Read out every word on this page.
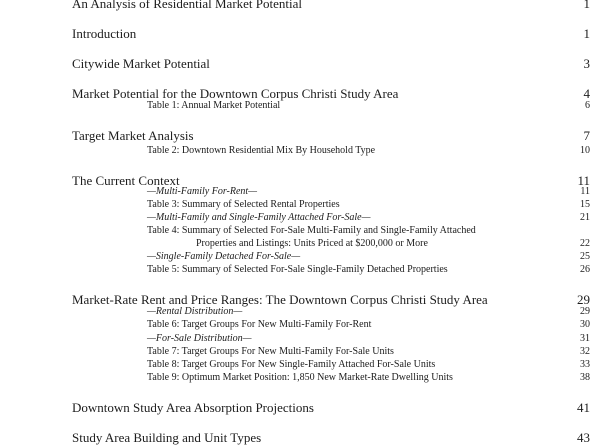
An Analysis of Residential Market Potential	1
Introduction	1
Citywide Market Potential	3
Market Potential for the Downtown Corpus Christi Study Area	4
Table 1: Annual Market Potential	6
Target Market Analysis	7
Table 2: Downtown Residential Mix By Household Type	10
The Current Context	11
—Multi-Family For-Rent—	11
Table 3: Summary of Selected Rental Properties	15
—Multi-Family and Single-Family Attached For-Sale—	21
Table 4: Summary of Selected For-Sale Multi-Family and Single-Family Attached
Properties and Listings: Units Priced at $200,000 or More	22
—Single-Family Detached For-Sale—	25
Table 5: Summary of Selected For-Sale Single-Family Detached Properties	26
Market-Rate Rent and Price Ranges: The Downtown Corpus Christi Study Area	29
—Rental Distribution—	29
Table 6: Target Groups For New Multi-Family For-Rent	30
—For-Sale Distribution—	31
Table 7: Target Groups For New Multi-Family For-Sale Units	32
Table 8: Target Groups For New Single-Family Attached For-Sale Units	33
Table 9: Optimum Market Position: 1,850 New Market-Rate Dwelling Units	38
Downtown Study Area Absorption Projections	41
Study Area Building and Unit Types	43
